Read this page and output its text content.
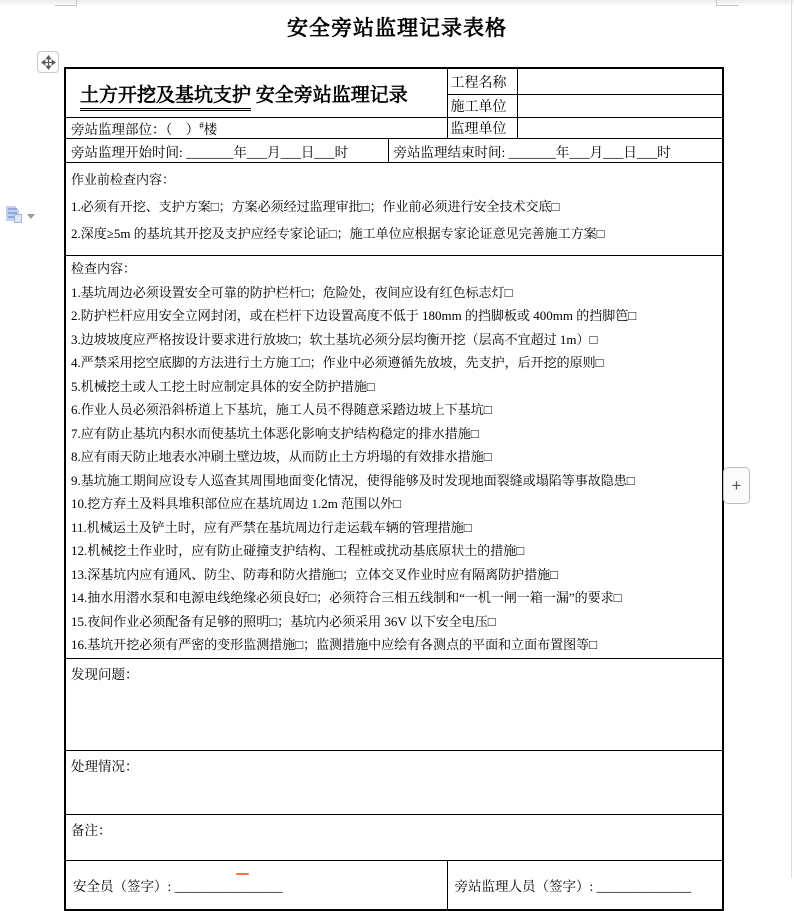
安全旁站监理记录表格
+
土方开挖及基坑支护 安全旁站监理记录		工程名称	
		施工单位	
旁站监理部位：（　）#楼		监理单位	
旁站监理开始时间: _______年___月___日___时	旁站监理结束时间: _______年___月___日___时		

作业前检查内容：
1.必须有开挖、支护方案□；方案必须经过监理审批□；作业前必须进行安全技术交底□
2.深度≥5m 的基坑其开挖及支护应经专家论证□；施工单位应根据专家论证意见完善施工方案□			

检查内容：
1.基坑周边必须设置安全可靠的防护栏杆□；危险处，夜间应设有红色标志灯□
2.防护栏杆应用安全立网封闭，或在栏杆下边设置高度不低于 180mm 的挡脚板或 400mm 的挡脚笆□
3.边坡坡度应严格按设计要求进行放坡□；软土基坑必须分层均衡开挖（层高不宜超过 1m）□
4.严禁采用挖空底脚的方法进行土方施工□；作业中必须遵循先放坡，先支护，后开挖的原则□
5.机械挖土或人工挖土时应制定具体的安全防护措施□
6.作业人员必须沿斜桥道上下基坑，施工人员不得随意采踏边坡上下基坑□
7.应有防止基坑内积水而使基坑土体恶化影响支护结构稳定的排水措施□
8.应有雨天防止地表水冲刷土壁边坡，从而防止土方坍塌的有效排水措施□
9.基坑施工期间应设专人巡查其周围地面变化情况，使得能够及时发现地面裂缝或塌陷等事故隐患□
10.挖方弃土及料具堆积部位应在基坑周边 1.2m 范围以外□
11.机械运土及铲土时，应有严禁在基坑周边行走运载车辆的管理措施□
12.机械挖土作业时，应有防止碰撞支护结构、工程桩或扰动基底原状土的措施□
13.深基坑内应有通风、防尘、防毒和防火措施□；立体交叉作业时应有隔离防护措施□
14.抽水用潜水泵和电源电线绝缘必须良好□；必须符合三相五线制和“一机一闸一箱一漏”的要求□
15.夜间作业必须配备有足够的照明□；基坑内必须采用 36V 以下安全电压□
16.基坑开挖必须有严密的变形监测措施□；监测措施中应绘有各测点的平面和立面布置图等□

发现问题：			
处理情况：			
备注：			
安全员（签字）: ________________		旁站监理人员（签字）: ______________	
